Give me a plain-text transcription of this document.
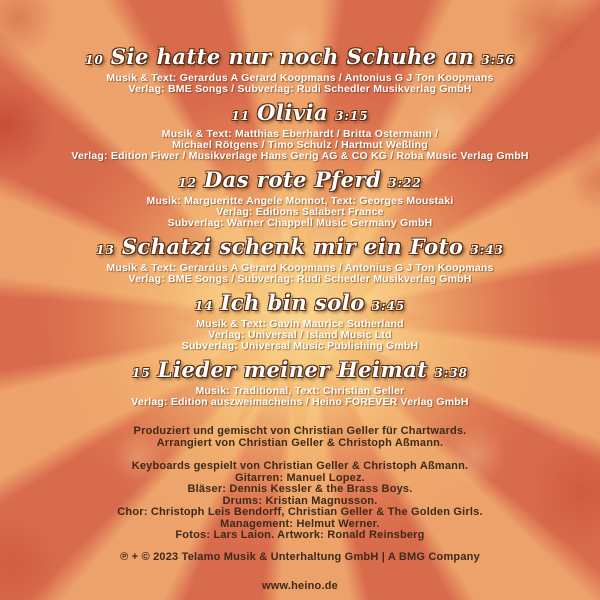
10 Sie hatte nur noch Schuhe an 3:56
Musik & Text: Gerardus A Gerard Koopmans / Antonius G J Ton Koopmans
Verlag: BME Songs / Subverlag: Rudi Schedler Musikverlag GmbH
11 Olivia 3:15
Musik & Text: Matthias Eberhardt / Britta Ostermann /
Michael Rötgens / Timo Schulz / Hartmut Weßling
Verlag: Edition Fiwer / Musikverlage Hans Gerig AG & CO KG / Roba Music Verlag GmbH
12 Das rote Pferd 3:22
Musik: Margueritte Angele Monnot, Text: Georges Moustaki
Verlag: Editions Salabert France
Subverlag: Warner Chappell Music Germany GmbH
13 Schatzi schenk mir ein Foto 3:43
Musik & Text: Gerardus A Gerard Koopmans / Antonius G J Ton Koopmans
Verlag: BME Songs / Subverlag: Rudi Schedler Musikverlag GmbH
14 Ich bin solo 3:45
Musik & Text: Gavin Maurice Sutherland
Verlag: Universal / Island Music Ltd
Subverlag: Universal Music Publishing GmbH
15 Lieder meiner Heimat 3:38
Musik: Traditional, Text: Christian Geller
Verlag: Edition auszweimacheins / Heino FOREVER Verlag GmbH
Produziert und gemischt von Christian Geller für Chartwards.
Arrangiert von Christian Geller & Christoph Aßmann.
Keyboards gespielt von Christian Geller & Christoph Aßmann.
Gitarren: Manuel Lopez.
Bläser: Dennis Kessler & the Brass Boys.
Drums: Kristian Magnusson.
Chor: Christoph Leis Bendorff, Christian Geller & The Golden Girls.
Management: Helmut Werner.
Fotos: Lars Laion. Artwork: Ronald Reinsberg
℗ + © 2023 Telamo Musik & Unterhaltung GmbH | A BMG Company
www.heino.de
